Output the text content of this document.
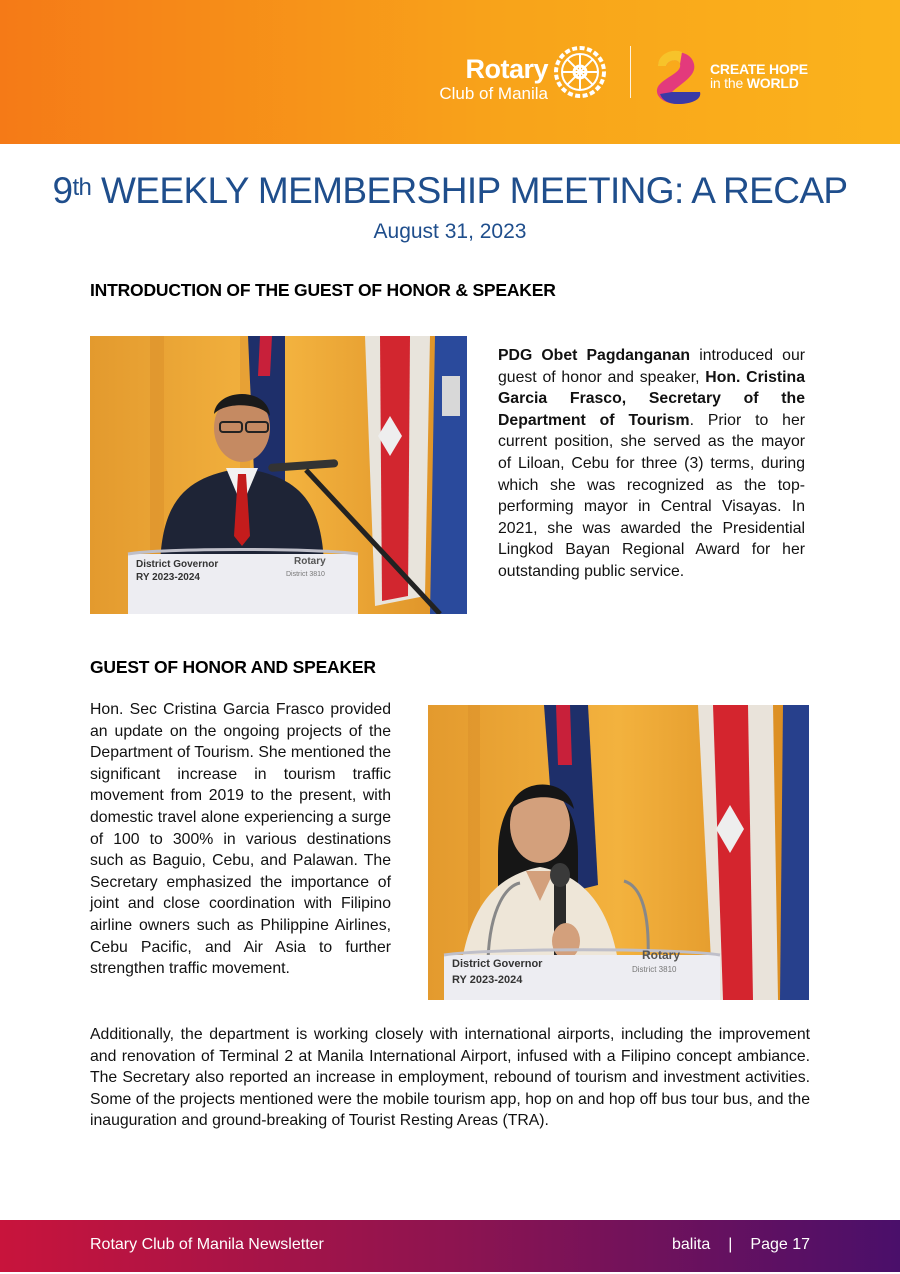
Rotary
Club of Manila
CREATE HOPE
in the WORLD
9th WEEKLY MEMBERSHIP MEETING: A RECAP
August 31, 2023
INTRODUCTION OF THE GUEST OF HONOR & SPEAKER
District Governor
RY 2023-2024
Rotary
District 3810
PDG Obet Pagdanganan introduced our guest of honor and speaker, Hon. Cristina Garcia Frasco, Secretary of the Department of Tourism. Prior to her current position, she served as the mayor of Liloan, Cebu for three (3) terms, during which she was recognized as the top-performing mayor in Central Visayas. In 2021, she was awarded the Presidential Lingkod Bayan Regional Award for her outstanding public service.
GUEST OF HONOR AND SPEAKER
Hon. Sec Cristina Garcia Frasco provided an update on the ongoing projects of the Department of Tourism. She mentioned the significant increase in tourism traffic movement from 2019 to the present, with domestic travel alone experiencing a surge of 100 to 300% in various destinations such as Baguio, Cebu, and Palawan. The Secretary emphasized the importance of joint and close coordination with Filipino airline owners such as Philippine Airlines, Cebu Pacific, and Air Asia to further strengthen traffic movement.	District Governor
RY 2023-2024
Rotary
District 3810
Additionally, the department is working closely with international airports, including the improvement and renovation of Terminal 2 at Manila International Airport, infused with a Filipino concept ambiance. The Secretary also reported an increase in employment, rebound of tourism and investment activities. Some of the projects mentioned were the mobile tourism app, hop on and hop off bus tour bus, and the inauguration and ground-breaking of Tourist Resting Areas (TRA).
Rotary Club of Manila Newsletter	balita | Page 17
